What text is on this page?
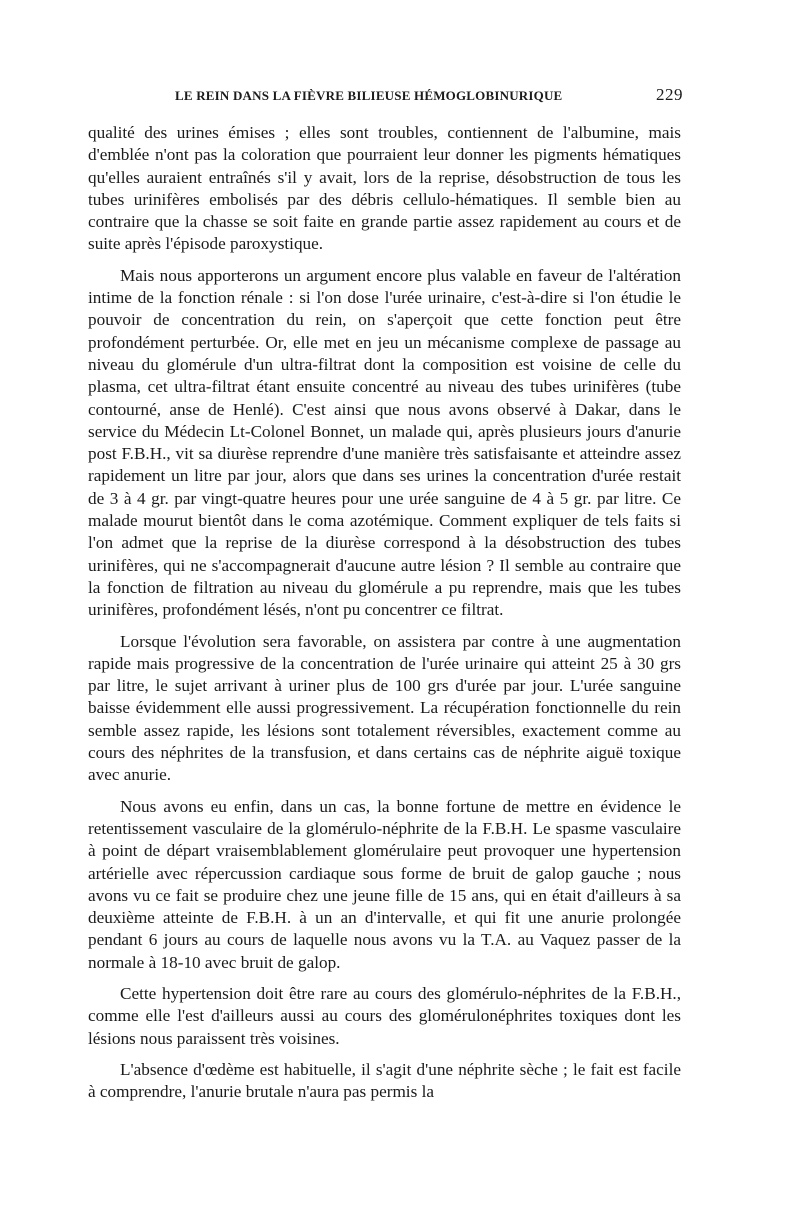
LE REIN DANS LA FIÈVRE BILIEUSE HÉMOGLOBINURIQUE	229

qualité des urines émises ; elles sont troubles, contiennent de l'albumine, mais d'emblée n'ont pas la coloration que pourraient leur donner les pigments hématiques qu'elles auraient entraînés s'il y avait, lors de la reprise, désobstruction de tous les tubes urinifères embolisés par des débris cellulo-hématiques. Il semble bien au contraire que la chasse se soit faite en grande partie assez rapidement au cours et de suite après l'épisode paroxystique.

Mais nous apporterons un argument encore plus valable en faveur de l'altération intime de la fonction rénale : si l'on dose l'urée urinaire, c'est-à-dire si l'on étudie le pouvoir de concentration du rein, on s'aperçoit que cette fonction peut être profondément perturbée. Or, elle met en jeu un mécanisme complexe de passage au niveau du glomérule d'un ultra-filtrat dont la composition est voisine de celle du plasma, cet ultra-filtrat étant ensuite concentré au niveau des tubes urinifères (tube contourné, anse de Henlé). C'est ainsi que nous avons observé à Dakar, dans le service du Médecin Lt-Colonel Bonnet, un malade qui, après plusieurs jours d'anurie post F.B.H., vit sa diurèse reprendre d'une manière très satisfaisante et atteindre assez rapidement un litre par jour, alors que dans ses urines la concentration d'urée restait de 3 à 4 gr. par vingt-quatre heures pour une urée sanguine de 4 à 5 gr. par litre. Ce malade mourut bientôt dans le coma azotémique. Comment expliquer de tels faits si l'on admet que la reprise de la diurèse correspond à la désobstruction des tubes urinifères, qui ne s'accompagnerait d'aucune autre lésion ? Il semble au contraire que la fonction de filtration au niveau du glomérule a pu reprendre, mais que les tubes urinifères, profondément lésés, n'ont pu concentrer ce filtrat.

Lorsque l'évolution sera favorable, on assistera par contre à une augmentation rapide mais progressive de la concentration de l'urée urinaire qui atteint 25 à 30 grs par litre, le sujet arrivant à uriner plus de 100 grs d'urée par jour. L'urée sanguine baisse évidemment elle aussi progressivement. La récupération fonctionnelle du rein semble assez rapide, les lésions sont totalement réversibles, exactement comme au cours des néphrites de la transfusion, et dans certains cas de néphrite aiguë toxique avec anurie.

Nous avons eu enfin, dans un cas, la bonne fortune de mettre en évidence le retentissement vasculaire de la glomérulo-néphrite de la F.B.H. Le spasme vasculaire à point de départ vraisemblablement glomérulaire peut provoquer une hypertension artérielle avec répercussion cardiaque sous forme de bruit de galop gauche ; nous avons vu ce fait se produire chez une jeune fille de 15 ans, qui en était d'ailleurs à sa deuxième atteinte de F.B.H. à un an d'intervalle, et qui fit une anurie prolongée pendant 6 jours au cours de laquelle nous avons vu la T.A. au Vaquez passer de la normale à 18-10 avec bruit de galop.

Cette hypertension doit être rare au cours des glomérulo-néphrites de la F.B.H., comme elle l'est d'ailleurs aussi au cours des glomérulonéphrites toxiques dont les lésions nous paraissent très voisines.

L'absence d'œdème est habituelle, il s'agit d'une néphrite sèche ; le fait est facile à comprendre, l'anurie brutale n'aura pas permis la
